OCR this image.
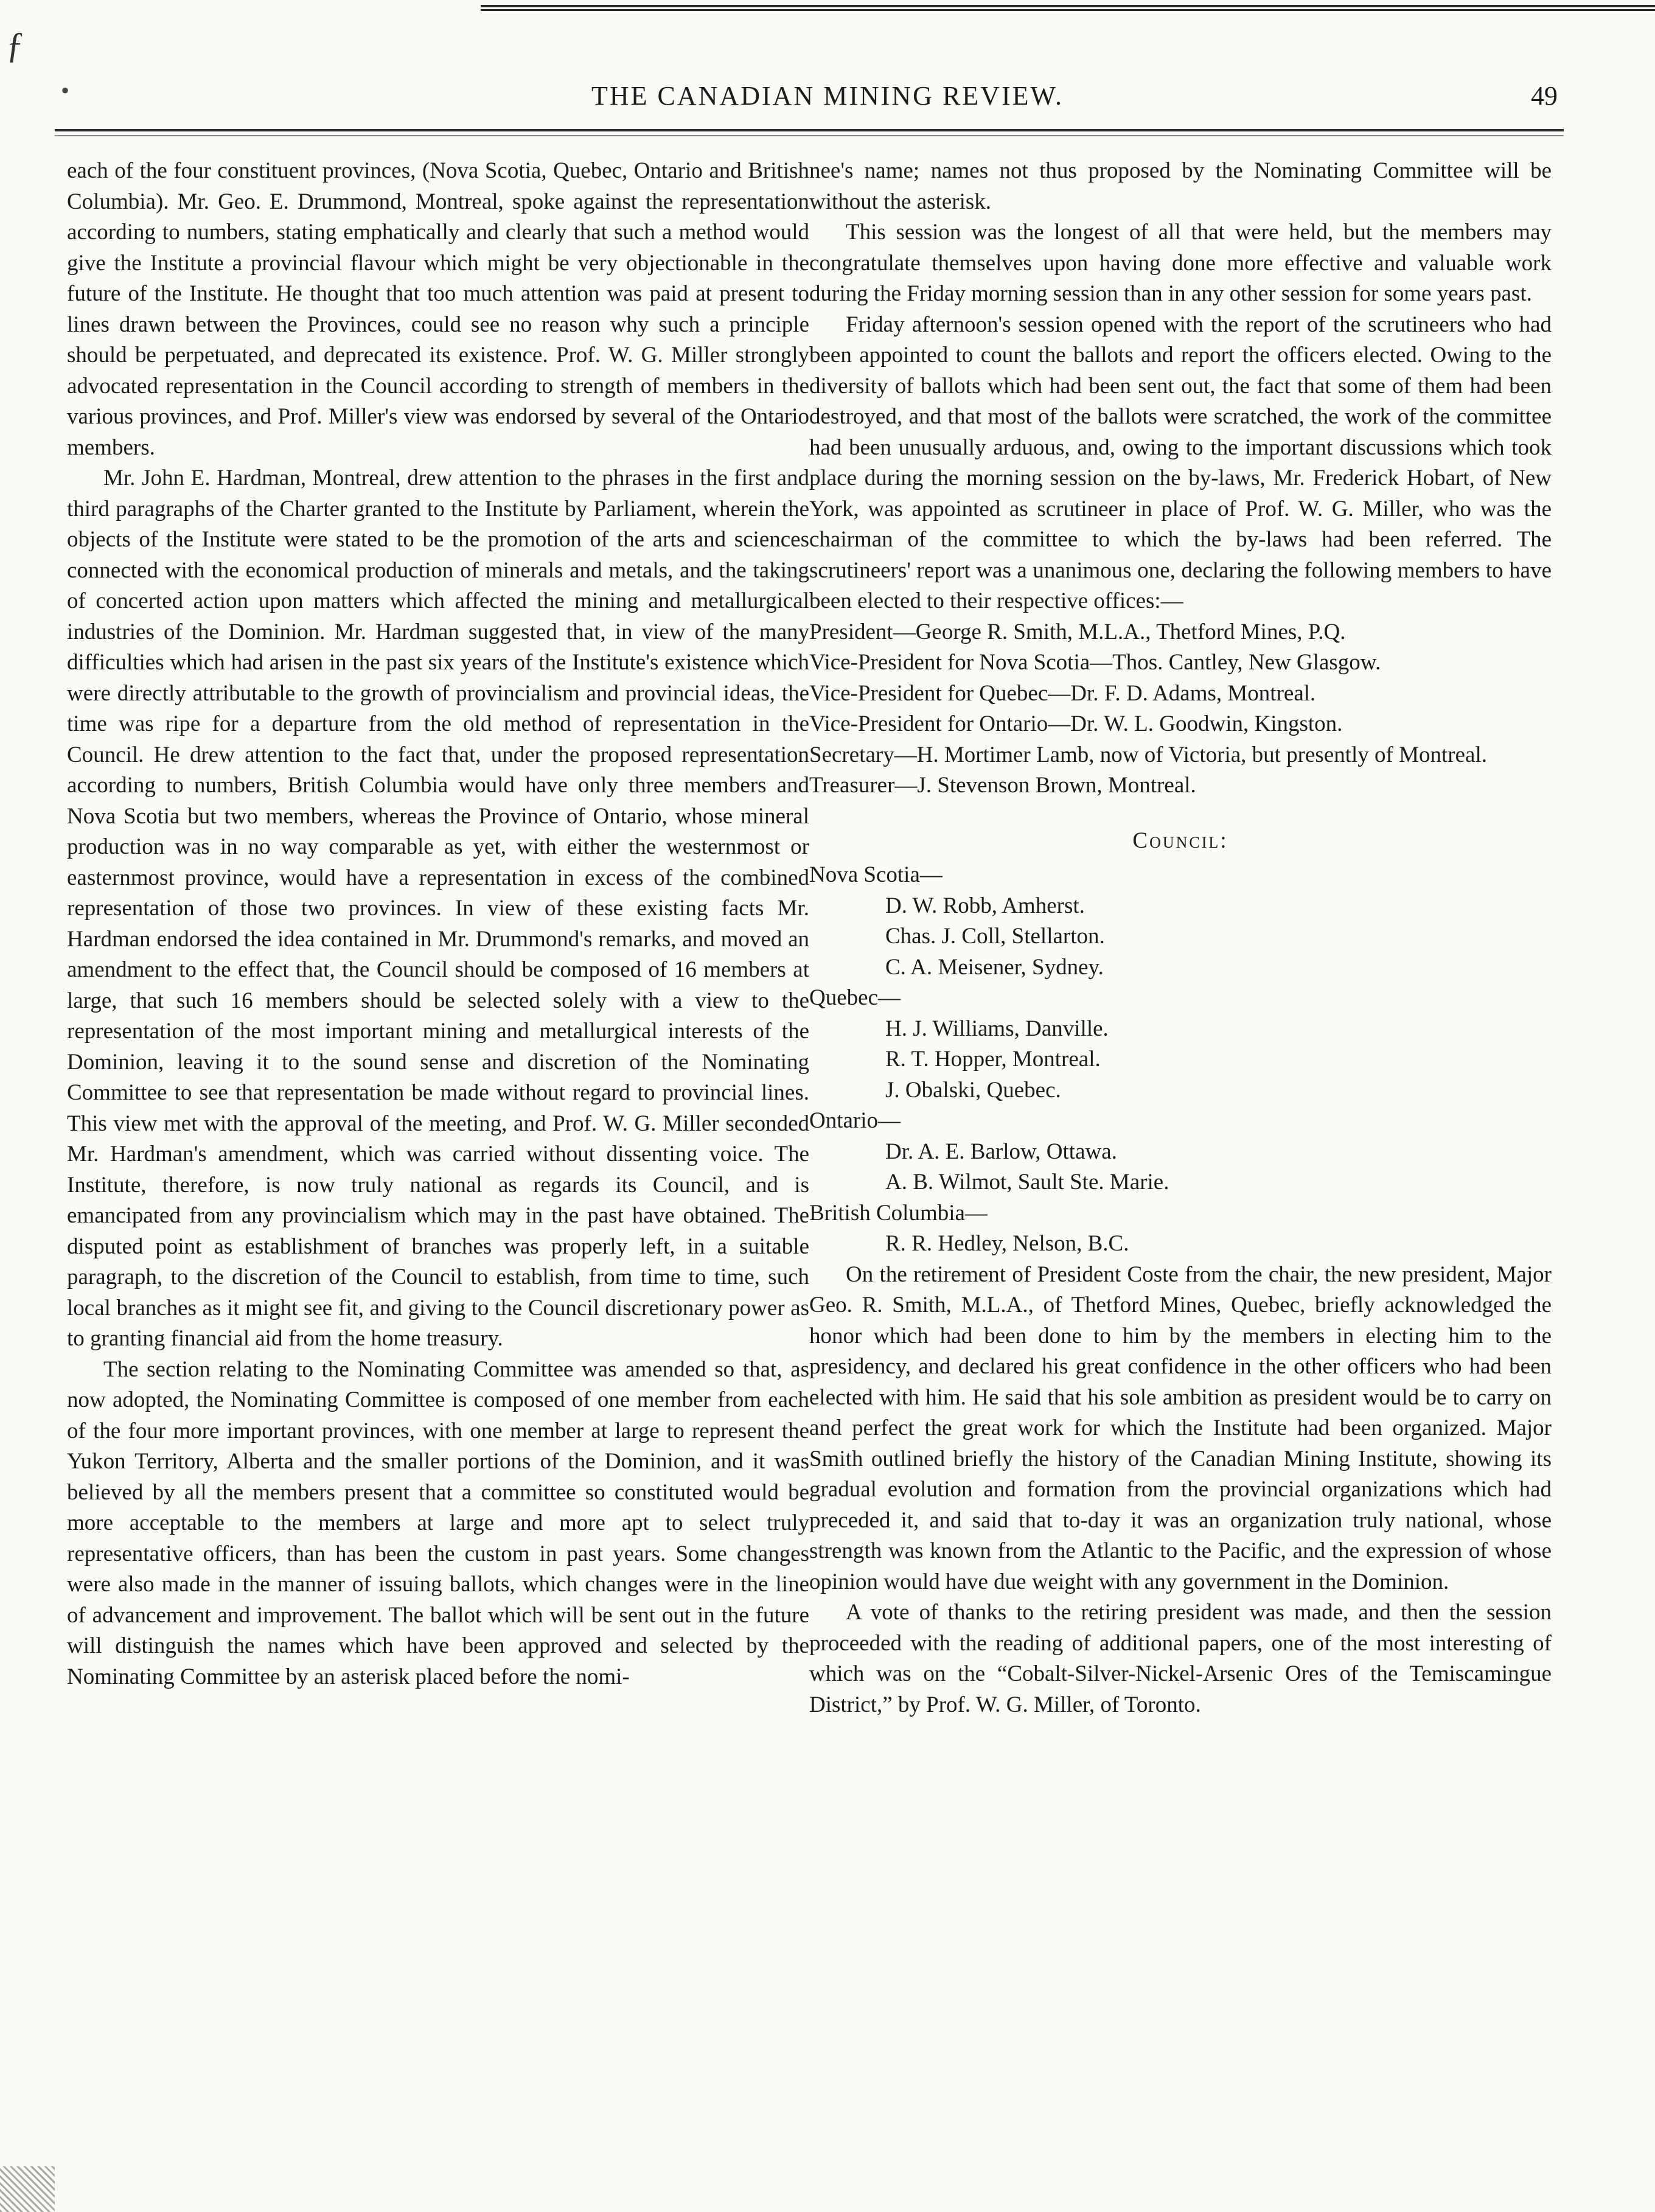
ƒ
•	THE CANADIAN MINING REVIEW.	49

each of the four constituent provinces, (Nova Scotia, Quebec, Ontario and British Columbia). Mr. Geo. E. Drummond, Montreal, spoke against the representation according to numbers, stating emphatically and clearly that such a method would give the Institute a provincial flavour which might be very objectionable in the future of the Institute. He thought that too much attention was paid at present to lines drawn between the Provinces, could see no reason why such a principle should be perpetuated, and deprecated its existence. Prof. W. G. Miller strongly advocated representation in the Council according to strength of members in the various provinces, and Prof. Miller's view was endorsed by several of the Ontario members.

Mr. John E. Hardman, Montreal, drew attention to the phrases in the first and third paragraphs of the Charter granted to the Institute by Parliament, wherein the objects of the Institute were stated to be the promotion of the arts and sciences connected with the economical production of minerals and metals, and the taking of concerted action upon matters which affected the mining and metallurgical industries of the Dominion. Mr. Hardman suggested that, in view of the many difficulties which had arisen in the past six years of the Institute's existence which were directly attributable to the growth of provincialism and provincial ideas, the time was ripe for a departure from the old method of representation in the Council. He drew attention to the fact that, under the proposed representation according to numbers, British Columbia would have only three members and Nova Scotia but two members, whereas the Province of Ontario, whose mineral production was in no way comparable as yet, with either the westernmost or easternmost province, would have a representation in excess of the combined representation of those two provinces. In view of these existing facts Mr. Hardman endorsed the idea contained in Mr. Drummond's remarks, and moved an amendment to the effect that, the Council should be composed of 16 members at large, that such 16 members should be selected solely with a view to the representation of the most important mining and metallurgical interests of the Dominion, leaving it to the sound sense and discretion of the Nominating Committee to see that representation be made without regard to provincial lines. This view met with the approval of the meeting, and Prof. W. G. Miller seconded Mr. Hardman's amendment, which was carried without dissenting voice. The Institute, therefore, is now truly national as regards its Council, and is emancipated from any provincialism which may in the past have obtained. The disputed point as establishment of branches was properly left, in a suitable paragraph, to the discretion of the Council to establish, from time to time, such local branches as it might see fit, and giving to the Council discretionary power as to granting financial aid from the home treasury.

The section relating to the Nominating Committee was amended so that, as now adopted, the Nominating Committee is composed of one member from each of the four more important provinces, with one member at large to represent the Yukon Territory, Alberta and the smaller portions of the Dominion, and it was believed by all the members present that a committee so constituted would be more acceptable to the members at large and more apt to select truly representative officers, than has been the custom in past years. Some changes were also made in the manner of issuing ballots, which changes were in the line of advancement and improvement. The ballot which will be sent out in the future will distinguish the names which have been approved and selected by the Nominating Committee by an asterisk placed before the nomi-

nee's name; names not thus proposed by the Nominating Committee will be without the asterisk.

This session was the longest of all that were held, but the members may congratulate themselves upon having done more effective and valuable work during the Friday morning session than in any other session for some years past.

Friday afternoon's session opened with the report of the scrutineers who had been appointed to count the ballots and report the officers elected. Owing to the diversity of ballots which had been sent out, the fact that some of them had been destroyed, and that most of the ballots were scratched, the work of the committee had been unusually arduous, and, owing to the important discussions which took place during the morning session on the by-laws, Mr. Frederick Hobart, of New York, was appointed as scrutineer in place of Prof. W. G. Miller, who was the chairman of the committee to which the by-laws had been referred. The scrutineers' report was a unanimous one, declaring the following members to have been elected to their respective offices:—

President—George R. Smith, M.L.A., Thetford Mines, P.Q.

Vice-President for Nova Scotia—Thos. Cantley, New Glasgow.

Vice-President for Quebec—Dr. F. D. Adams, Montreal.

Vice-President for Ontario—Dr. W. L. Goodwin, Kingston.

Secretary—H. Mortimer Lamb, now of Victoria, but presently of Montreal.

Treasurer—J. Stevenson Brown, Montreal.

Council:

Nova Scotia—

D. W. Robb, Amherst.

Chas. J. Coll, Stellarton.

C. A. Meisener, Sydney.

Quebec—

H. J. Williams, Danville.

R. T. Hopper, Montreal.

J. Obalski, Quebec.

Ontario—

Dr. A. E. Barlow, Ottawa.

A. B. Wilmot, Sault Ste. Marie.

British Columbia—

R. R. Hedley, Nelson, B.C.

On the retirement of President Coste from the chair, the new president, Major Geo. R. Smith, M.L.A., of Thetford Mines, Quebec, briefly acknowledged the honor which had been done to him by the members in electing him to the presidency, and declared his great confidence in the other officers who had been elected with him. He said that his sole ambition as president would be to carry on and perfect the great work for which the Institute had been organized. Major Smith outlined briefly the history of the Canadian Mining Institute, showing its gradual evolution and formation from the provincial organizations which had preceded it, and said that to-day it was an organization truly national, whose strength was known from the Atlantic to the Pacific, and the expression of whose opinion would have due weight with any government in the Dominion.

A vote of thanks to the retiring president was made, and then the session proceeded with the reading of additional papers, one of the most interesting of which was on the “Cobalt-Silver-Nickel-Arsenic Ores of the Temiscamingue District,” by Prof. W. G. Miller, of Toronto.
